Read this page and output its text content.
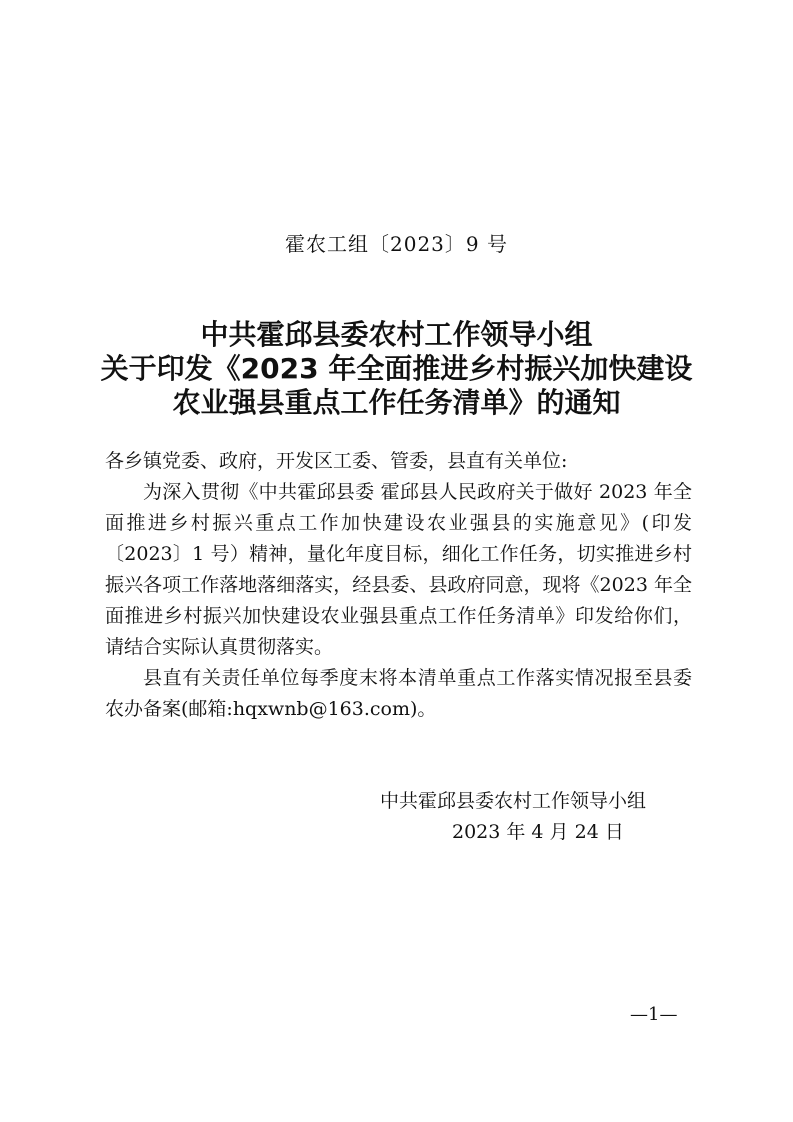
霍农工组〔2023〕9 号
中共霍邱县委农村工作领导小组
关于印发《2023 年全面推进乡村振兴加快建设
农业强县重点工作任务清单》的通知

各乡镇党委、政府，开发区工委、管委，县直有关单位:

为深入贯彻《中共霍邱县委 霍邱县人民政府关于做好 2023 年全面推进乡村振兴重点工作加快建设农业强县的实施意见》(印发〔2023〕1 号）精神，量化年度目标，细化工作任务，切实推进乡村振兴各项工作落地落细落实，经县委、县政府同意，现将《2023 年全面推进乡村振兴加快建设农业强县重点工作任务清单》印发给你们，请结合实际认真贯彻落实。

县直有关责任单位每季度末将本清单重点工作落实情况报至县委农办备案(邮箱:hqxwnb@163.com)。

中共霍邱县委农村工作领导小组
2023 年 4 月 24 日
—1—
